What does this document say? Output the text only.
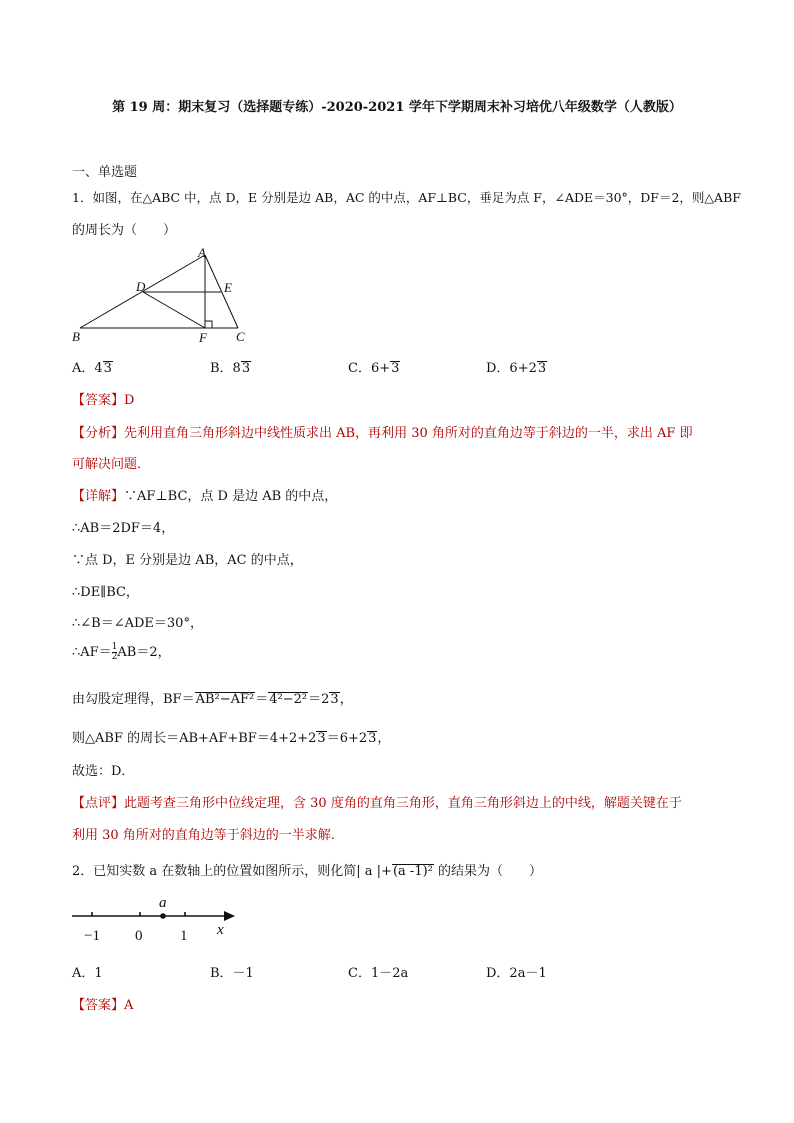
第 19 周：期末复习（选择题专练）-2020-2021 学年下学期周末补习培优八年级数学（人教版）
一、单选题
1．如图，在△ABC 中，点 D，E 分别是边 AB，AC 的中点，AF⊥BC，垂足为点 F，∠ADE＝30°，DF＝2，则△ABF
的周长为（　　）
A
B	C
D	E
F
A．43	B．83	C．6+3	D．6+23
【答案】D
【分析】先利用直角三角形斜边中线性质求出 AB，再利用 30 角所对的直角边等于斜边的一半，求出 AF 即
可解决问题．
【详解】∵AF⊥BC，点 D 是边 AB 的中点，
∴AB＝2DF＝4，
∵点 D，E 分别是边 AB，AC 的中点，
∴DE∥BC，
∴∠B＝∠ADE＝30°，
∴AF＝ $\frac{1}{2} AB=2$，
由勾股定理得，BF＝AB²−AF²＝4²−2²＝23，
则△ABF 的周长＝AB+AF+BF＝4+2+23＝6+23，
故选：D．
【点评】此题考查三角形中位线定理，含 30 度角的直角三角形，直角三角形斜边上的中线，解题关键在于
利用 30 角所对的直角边等于斜边的一半求解.
2．已知实数 a 在数轴上的位置如图所示，则化简| a |+(a -1)² 的结果为（　　）
−1 0	1 x
a
A．1	B．－1	C．1－2a	D．2a－1
【答案】A
